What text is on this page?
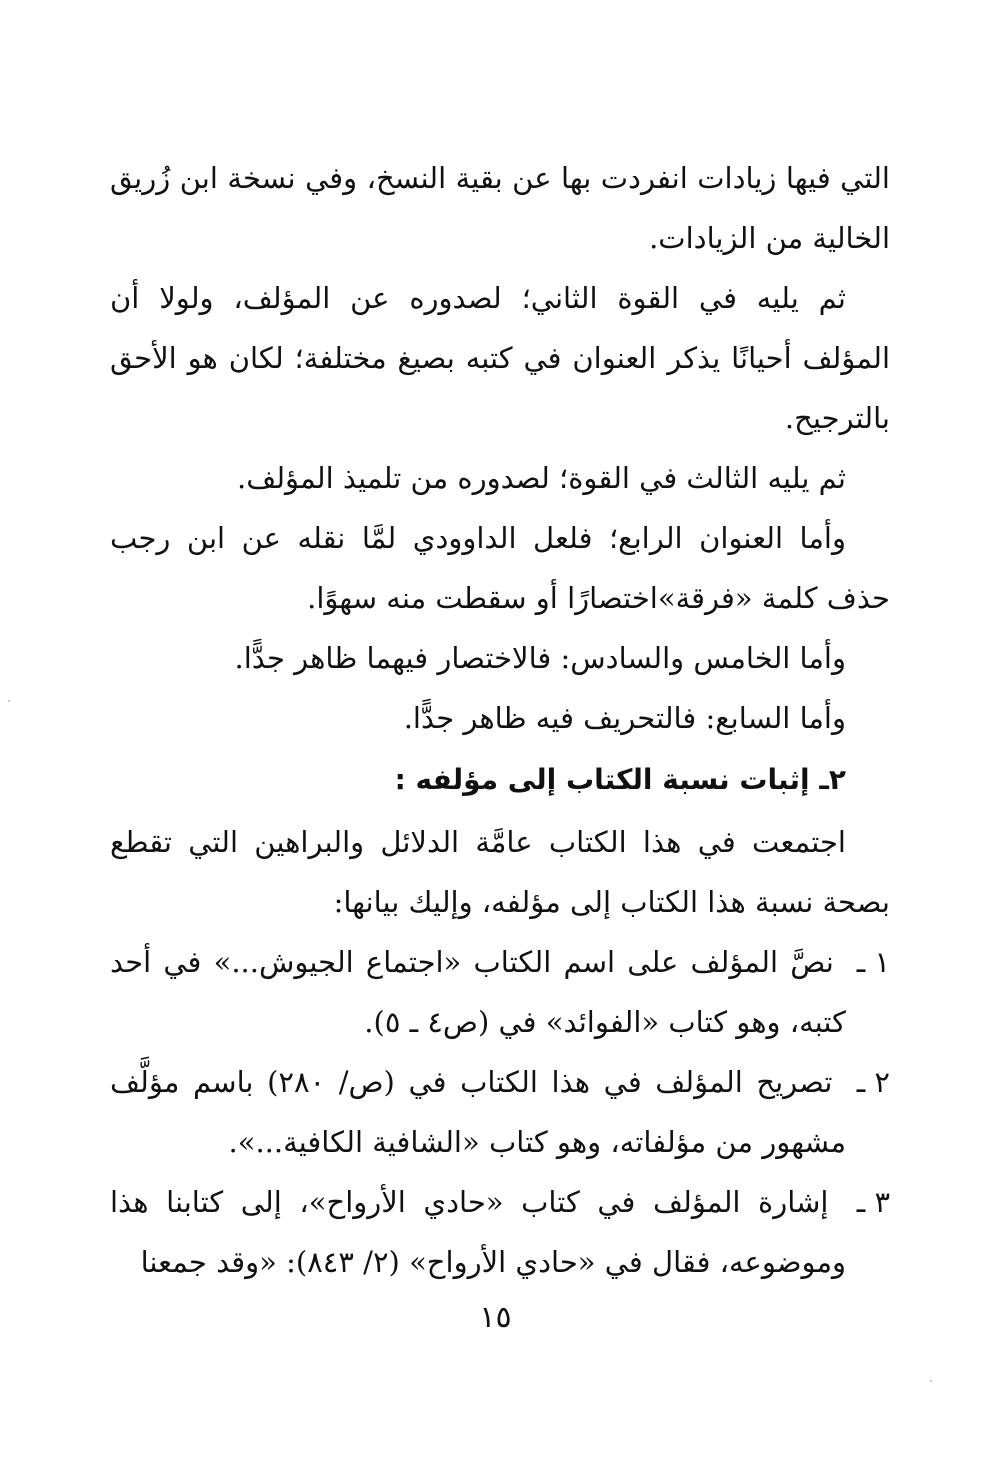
التي فيها زيادات انفردت بها عن بقية النسخ، وفي نسخة ابن زُريق الخالية من الزيادات.

ثم يليه في القوة الثاني؛ لصدوره عن المؤلف، ولولا أن المؤلف أحيانًا يذكر العنوان في كتبه بصيغ مختلفة؛ لكان هو الأحق بالترجيح.

ثم يليه الثالث في القوة؛ لصدوره من تلميذ المؤلف.

وأما العنوان الرابع؛ فلعل الداوودي لمَّا نقله عن ابن رجب حذف كلمة «فرقة»اختصارًا أو سقطت منه سهوًا.

وأما الخامس والسادس: فالاختصار فيهما ظاهر جدًّا.

وأما السابع: فالتحريف فيه ظاهر جدًّا.

٢ـ إثبات نسبة الكتاب إلى مؤلفه :

اجتمعت في هذا الكتاب عامَّة الدلائل والبراهين التي تقطع بصحة نسبة هذا الكتاب إلى مؤلفه، وإليك بيانها:

١ ـ نصَّ المؤلف على اسم الكتاب «اجتماع الجيوش...» في أحد كتبه، وهو كتاب «الفوائد» في (ص٤ ـ ٥).

٢ ـ تصريح المؤلف في هذا الكتاب في (ص/ ٢٨٠) باسم مؤلَّف مشهور من مؤلفاته، وهو كتاب «الشافية الكافية...».

٣ ـ إشارة المؤلف في كتاب «حادي الأرواح»، إلى كتابنا هذا وموضوعه، فقال في «حادي الأرواح» (٢/ ٨٤٣): «وقد جمعنا

١٥
